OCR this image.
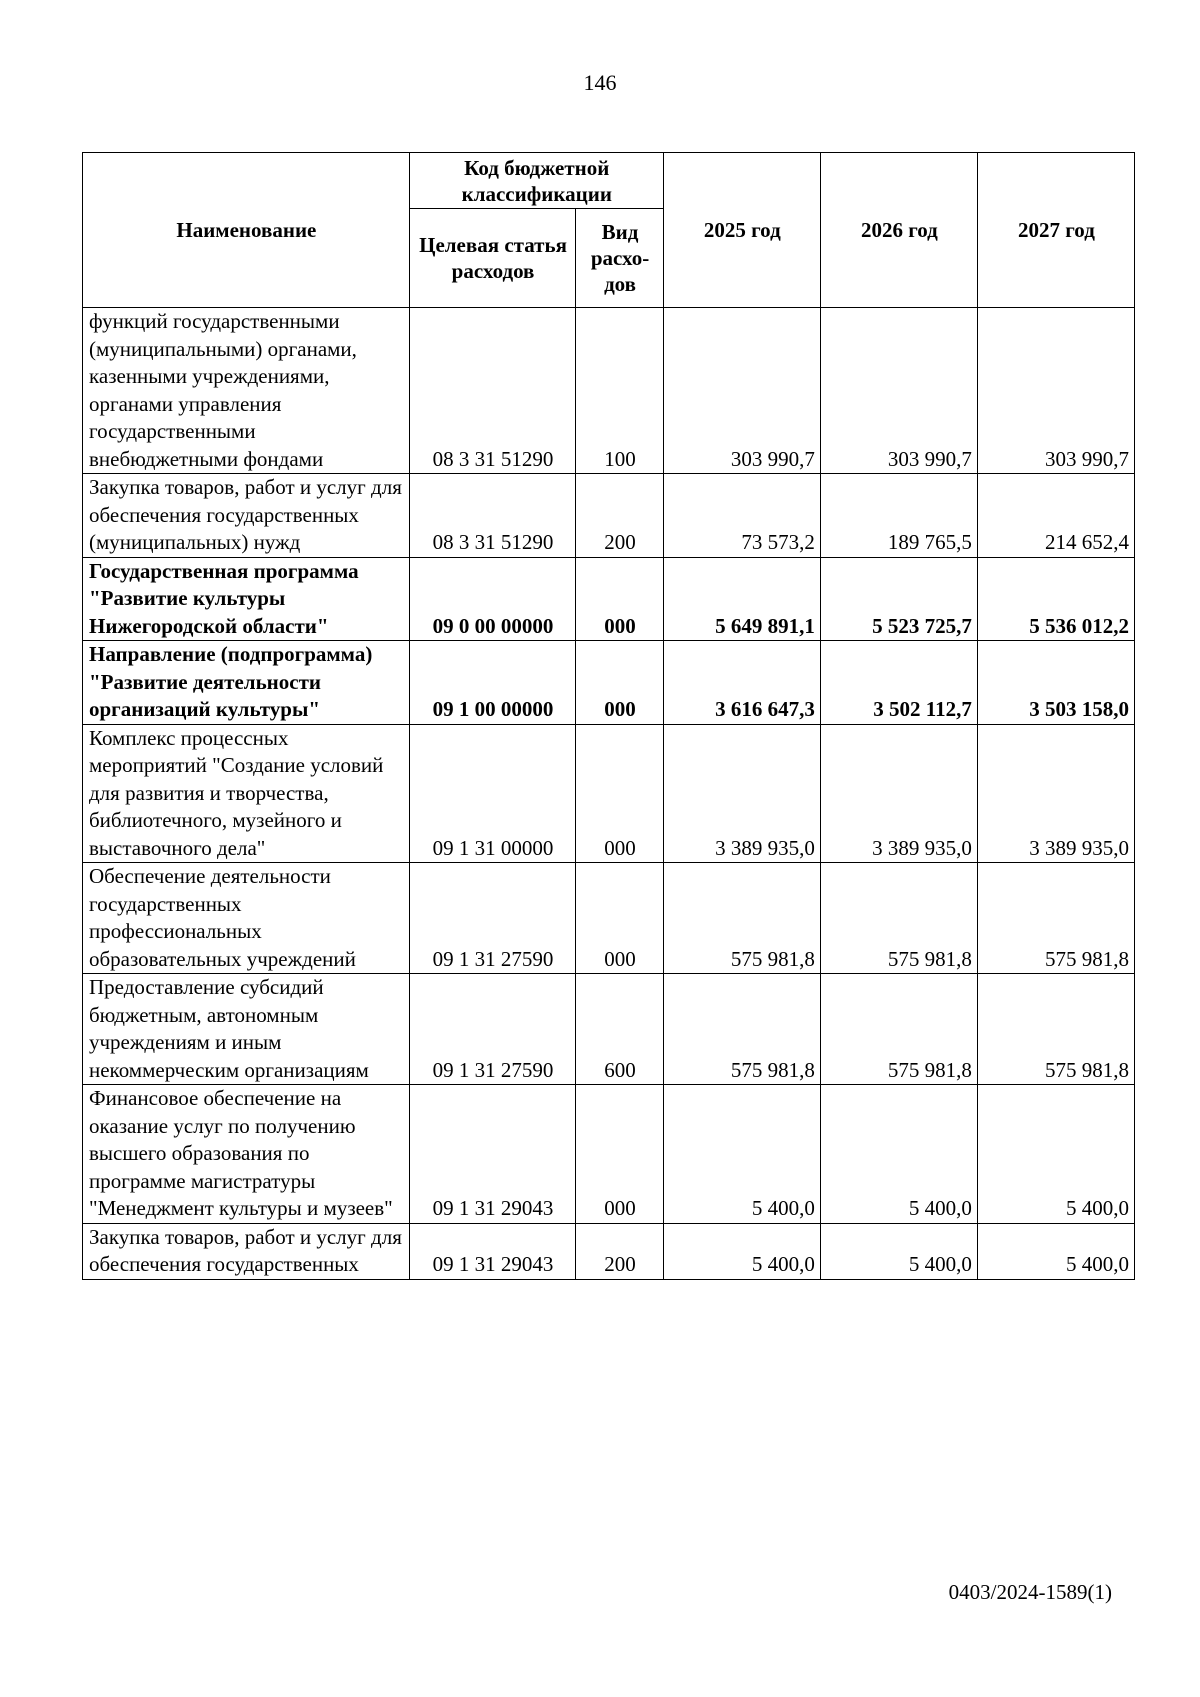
146
Наименование	Код бюджетной классификации		2025 год	2026 год	2027 год
	Целевая статья расходов	Вид расхо-дов			
функций государственными (муниципальными) органами, казенными учреждениями, органами управления государственными внебюджетными фондами	08 3 31 51290	100	303 990,7	303 990,7	303 990,7
Закупка товаров, работ и услуг для обеспечения государственных (муниципальных) нужд	08 3 31 51290	200	73 573,2	189 765,5	214 652,4
Государственная программа "Развитие культуры Нижегородской области"	09 0 00 00000	000	5 649 891,1	5 523 725,7	5 536 012,2
Направление (подпрограмма) "Развитие деятельности организаций культуры"	09 1 00 00000	000	3 616 647,3	3 502 112,7	3 503 158,0
Комплекс процессных мероприятий "Создание условий для развития и творчества, библиотечного, музейного и выставочного дела"	09 1 31 00000	000	3 389 935,0	3 389 935,0	3 389 935,0
Обеспечение деятельности государственных профессиональных образовательных учреждений	09 1 31 27590	000	575 981,8	575 981,8	575 981,8
Предоставление субсидий бюджетным, автономным учреждениям и иным некоммерческим организациям	09 1 31 27590	600	575 981,8	575 981,8	575 981,8
Финансовое обеспечение на оказание услуг по получению высшего образования по программе магистратуры "Менеджмент культуры и музеев"	09 1 31 29043	000	5 400,0	5 400,0	5 400,0
Закупка товаров, работ и услуг для обеспечения государственных	09 1 31 29043	200	5 400,0	5 400,0	5 400,0
0403/2024-1589(1)
